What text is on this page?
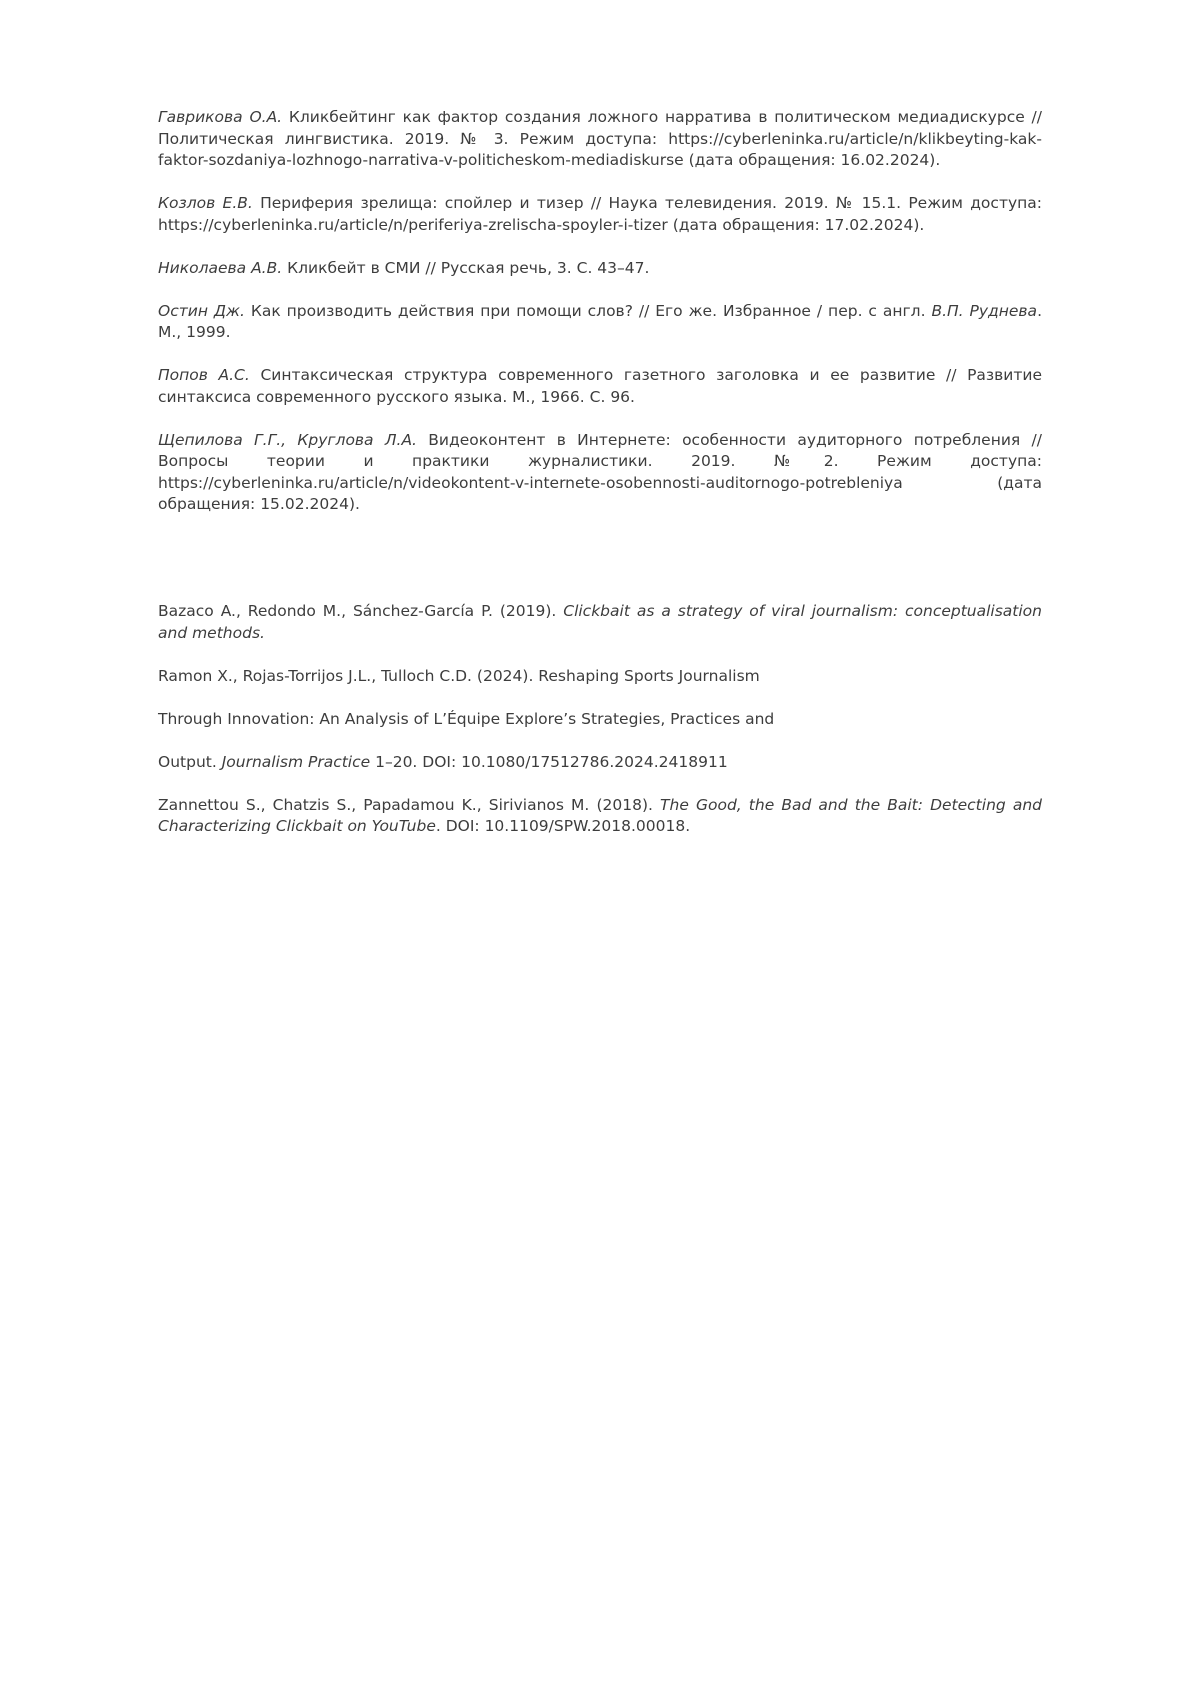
Гаврикова О.А. Кликбейтинг как фактор создания ложного нарратива в политическом медиадискурсе // Политическая лингвистика. 2019. № 3. Режим доступа: https://cyberleninka.ru/article/n/klikbeyting-kak-faktor-sozdaniya-lozhnogo-narrativa-v-politicheskom-mediadiskurse (дата обращения: 16.02.2024).

Козлов Е.В. Периферия зрелища: спойлер и тизер // Наука телевидения. 2019. № 15.1. Режим доступа: https://cyberleninka.ru/article/n/periferiya-zrelischa-spoyler-i-tizer (дата обращения: 17.02.2024).

Николаева А.В. Кликбейт в СМИ // Русская речь, 3. С. 43–47.

Остин Дж. Как производить действия при помощи слов? // Его же. Избранное / пер. с англ. В.П. Руднева. М., 1999.

Попов А.С. Синтаксическая структура современного газетного заголовка и ее развитие // Развитие синтаксиса современного русского языка. М., 1966. С. 96.

Щепилова Г.Г., Круглова Л.А. Видеоконтент в Интернете: особенности аудиторного потребления // Вопросы теории и практики журналистики. 2019. №2. Режим доступа: https://cyberleninka.ru/article/n/videokontent-v-internete-osobennosti-auditornogo-potrebleniya (дата обращения: 15.02.2024).

Bazaco A., Redondo M., Sánchez-García P. (2019). Clickbait as a strategy of viral journalism: conceptualisation and methods.

Ramon X., Rojas-Torrijos J.L., Tulloch C.D. (2024). Reshaping Sports Journalism

Through Innovation: An Analysis of L’Équipe Explore’s Strategies, Practices and

Output. Journalism Practice 1–20. DOI: 10.1080/17512786.2024.2418911

Zannettou S., Chatzis S., Papadamou K., Sirivianos M. (2018). The Good, the Bad and the Bait: Detecting and Characterizing Clickbait on YouTube. DOI: 10.1109/SPW.2018.00018.
